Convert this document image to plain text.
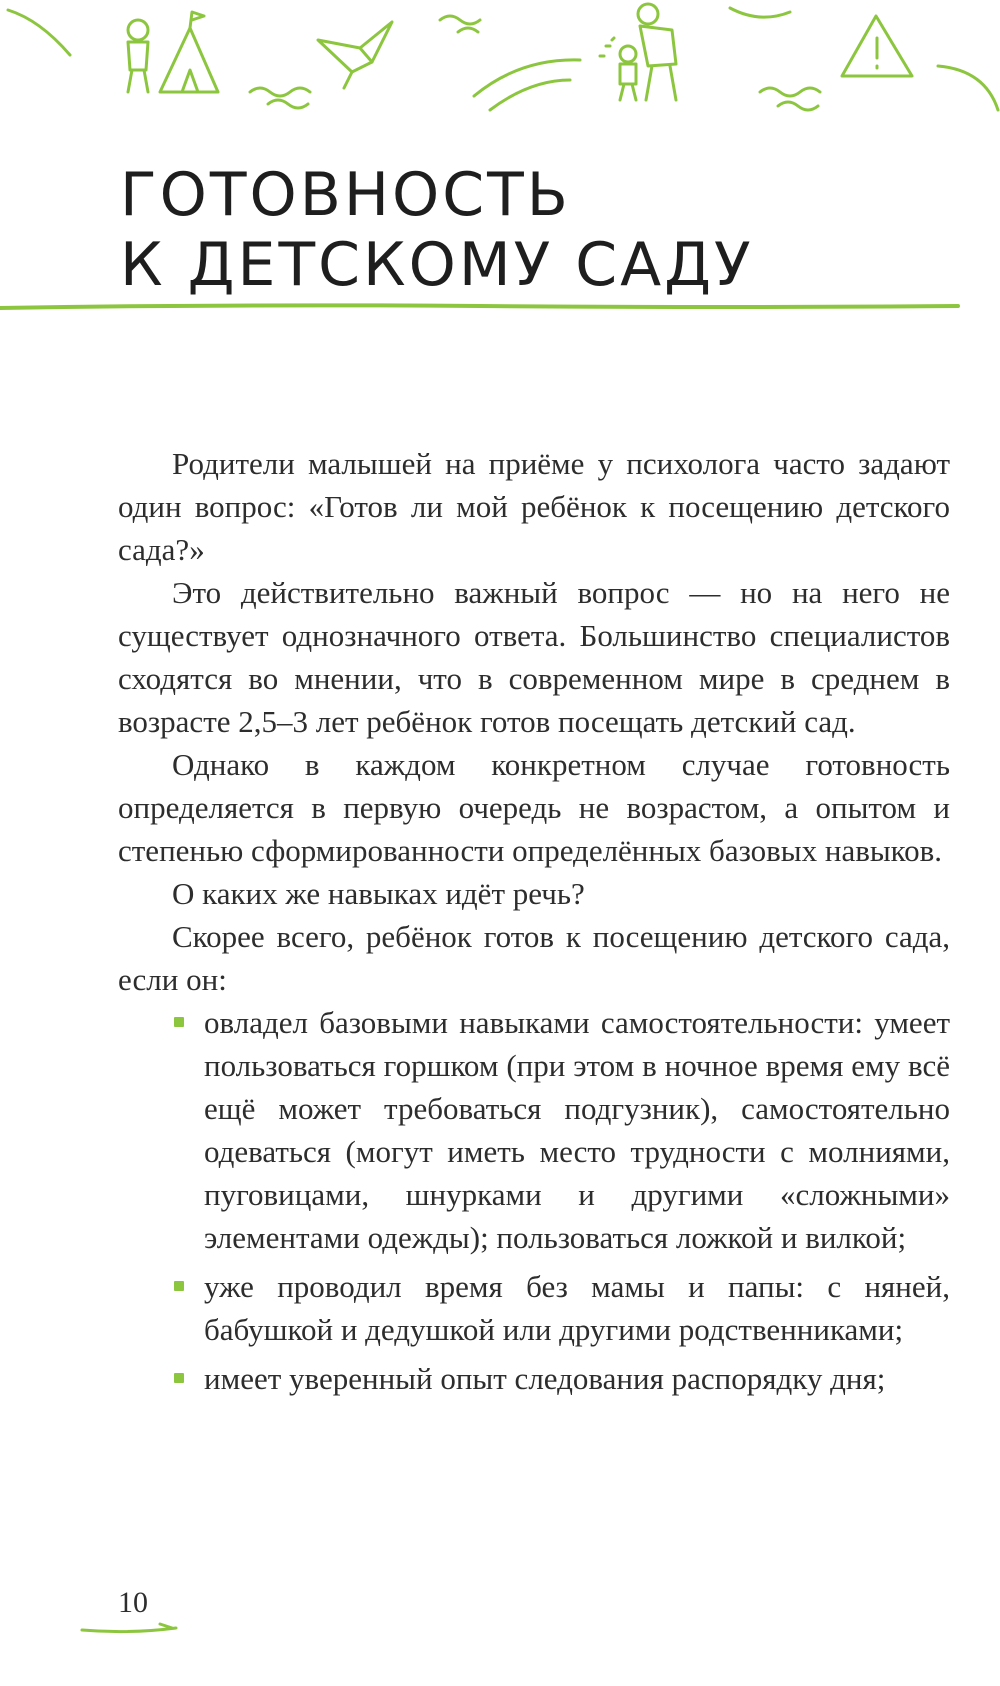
ГОТОВНОСТЬ
К ДЕТСКОМУ САДУ

Родители малышей на приёме у психолога часто задают один вопрос: «Готов ли мой ребёнок к посещению детского сада?»

Это действительно важный вопрос — но на него не существует однозначного ответа. Большинство специалистов сходятся во мнении, что в современном мире в среднем в возрасте 2,5–3 лет ребёнок готов посещать детский сад.

Однако в каждом конкретном случае готовность определяется в первую очередь не возрастом, а опытом и степенью сформированности определённых базовых навыков.

О каких же навыках идёт речь?

Скорее всего, ребёнок готов к посещению детского сада, если он:

овладел базовыми навыками самостоятельности: умеет пользоваться горшком (при этом в ночное время ему всё ещё может требоваться подгузник), самостоятельно одеваться (могут иметь место трудности с молниями, пуговицами, шнурками и другими «сложными» элементами одежды); пользоваться ложкой и вилкой;
уже проводил время без мамы и папы: с няней, бабушкой и дедушкой или другими родственниками;
имеет уверенный опыт следования распорядку дня;
10
